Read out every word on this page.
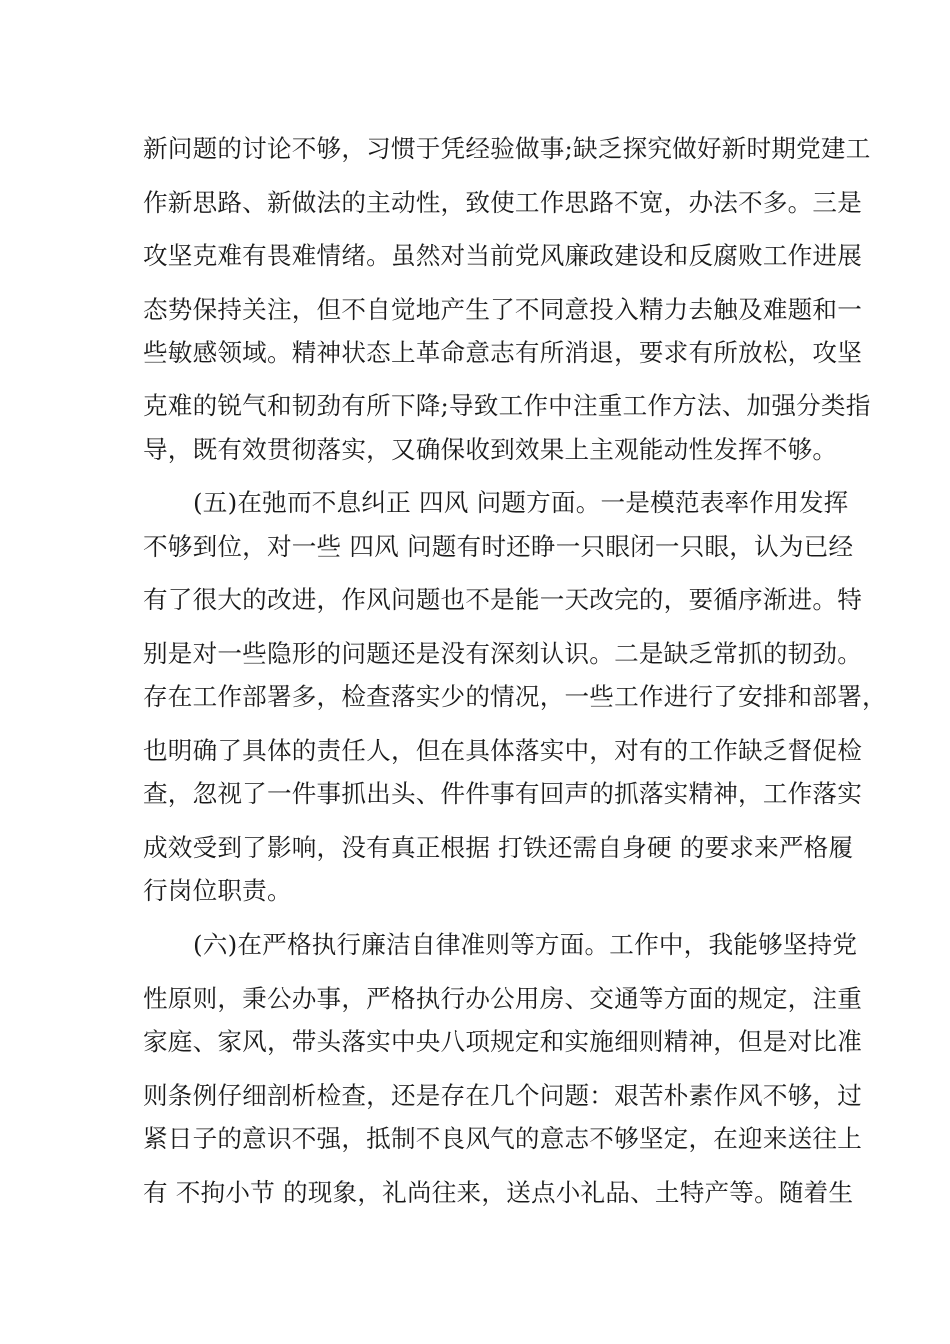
新问题的讨论不够，习惯于凭经验做事;缺乏探究做好新时期党建工
作新思路、新做法的主动性，致使工作思路不宽，办法不多。三是
攻坚克难有畏难情绪。虽然对当前党风廉政建设和反腐败工作进展
态势保持关注，但不自觉地产生了不同意投入精力去触及难题和一
些敏感领域。精神状态上革命意志有所消退，要求有所放松，攻坚
克难的锐气和韧劲有所下降;导致工作中注重工作方法、加强分类指
导，既有效贯彻落实，又确保收到效果上主观能动性发挥不够。
(五)在弛而不息纠正 四风 问题方面。一是模范表率作用发挥
不够到位，对一些 四风 问题有时还睁一只眼闭一只眼，认为已经
有了很大的改进，作风问题也不是能一天改完的，要循序渐进。特
别是对一些隐形的问题还是没有深刻认识。二是缺乏常抓的韧劲。
存在工作部署多，检查落实少的情况，一些工作进行了安排和部署，
也明确了具体的责任人，但在具体落实中，对有的工作缺乏督促检
查，忽视了一件事抓出头、件件事有回声的抓落实精神，工作落实
成效受到了影响，没有真正根据 打铁还需自身硬 的要求来严格履
行岗位职责。
(六)在严格执行廉洁自律准则等方面。工作中，我能够坚持党
性原则，秉公办事，严格执行办公用房、交通等方面的规定，注重
家庭、家风，带头落实中央八项规定和实施细则精神，但是对比准
则条例仔细剖析检查，还是存在几个问题：艰苦朴素作风不够，过
紧日子的意识不强，抵制不良风气的意志不够坚定，在迎来送往上
有 不拘小节 的现象，礼尚往来，送点小礼品、土特产等。随着生
